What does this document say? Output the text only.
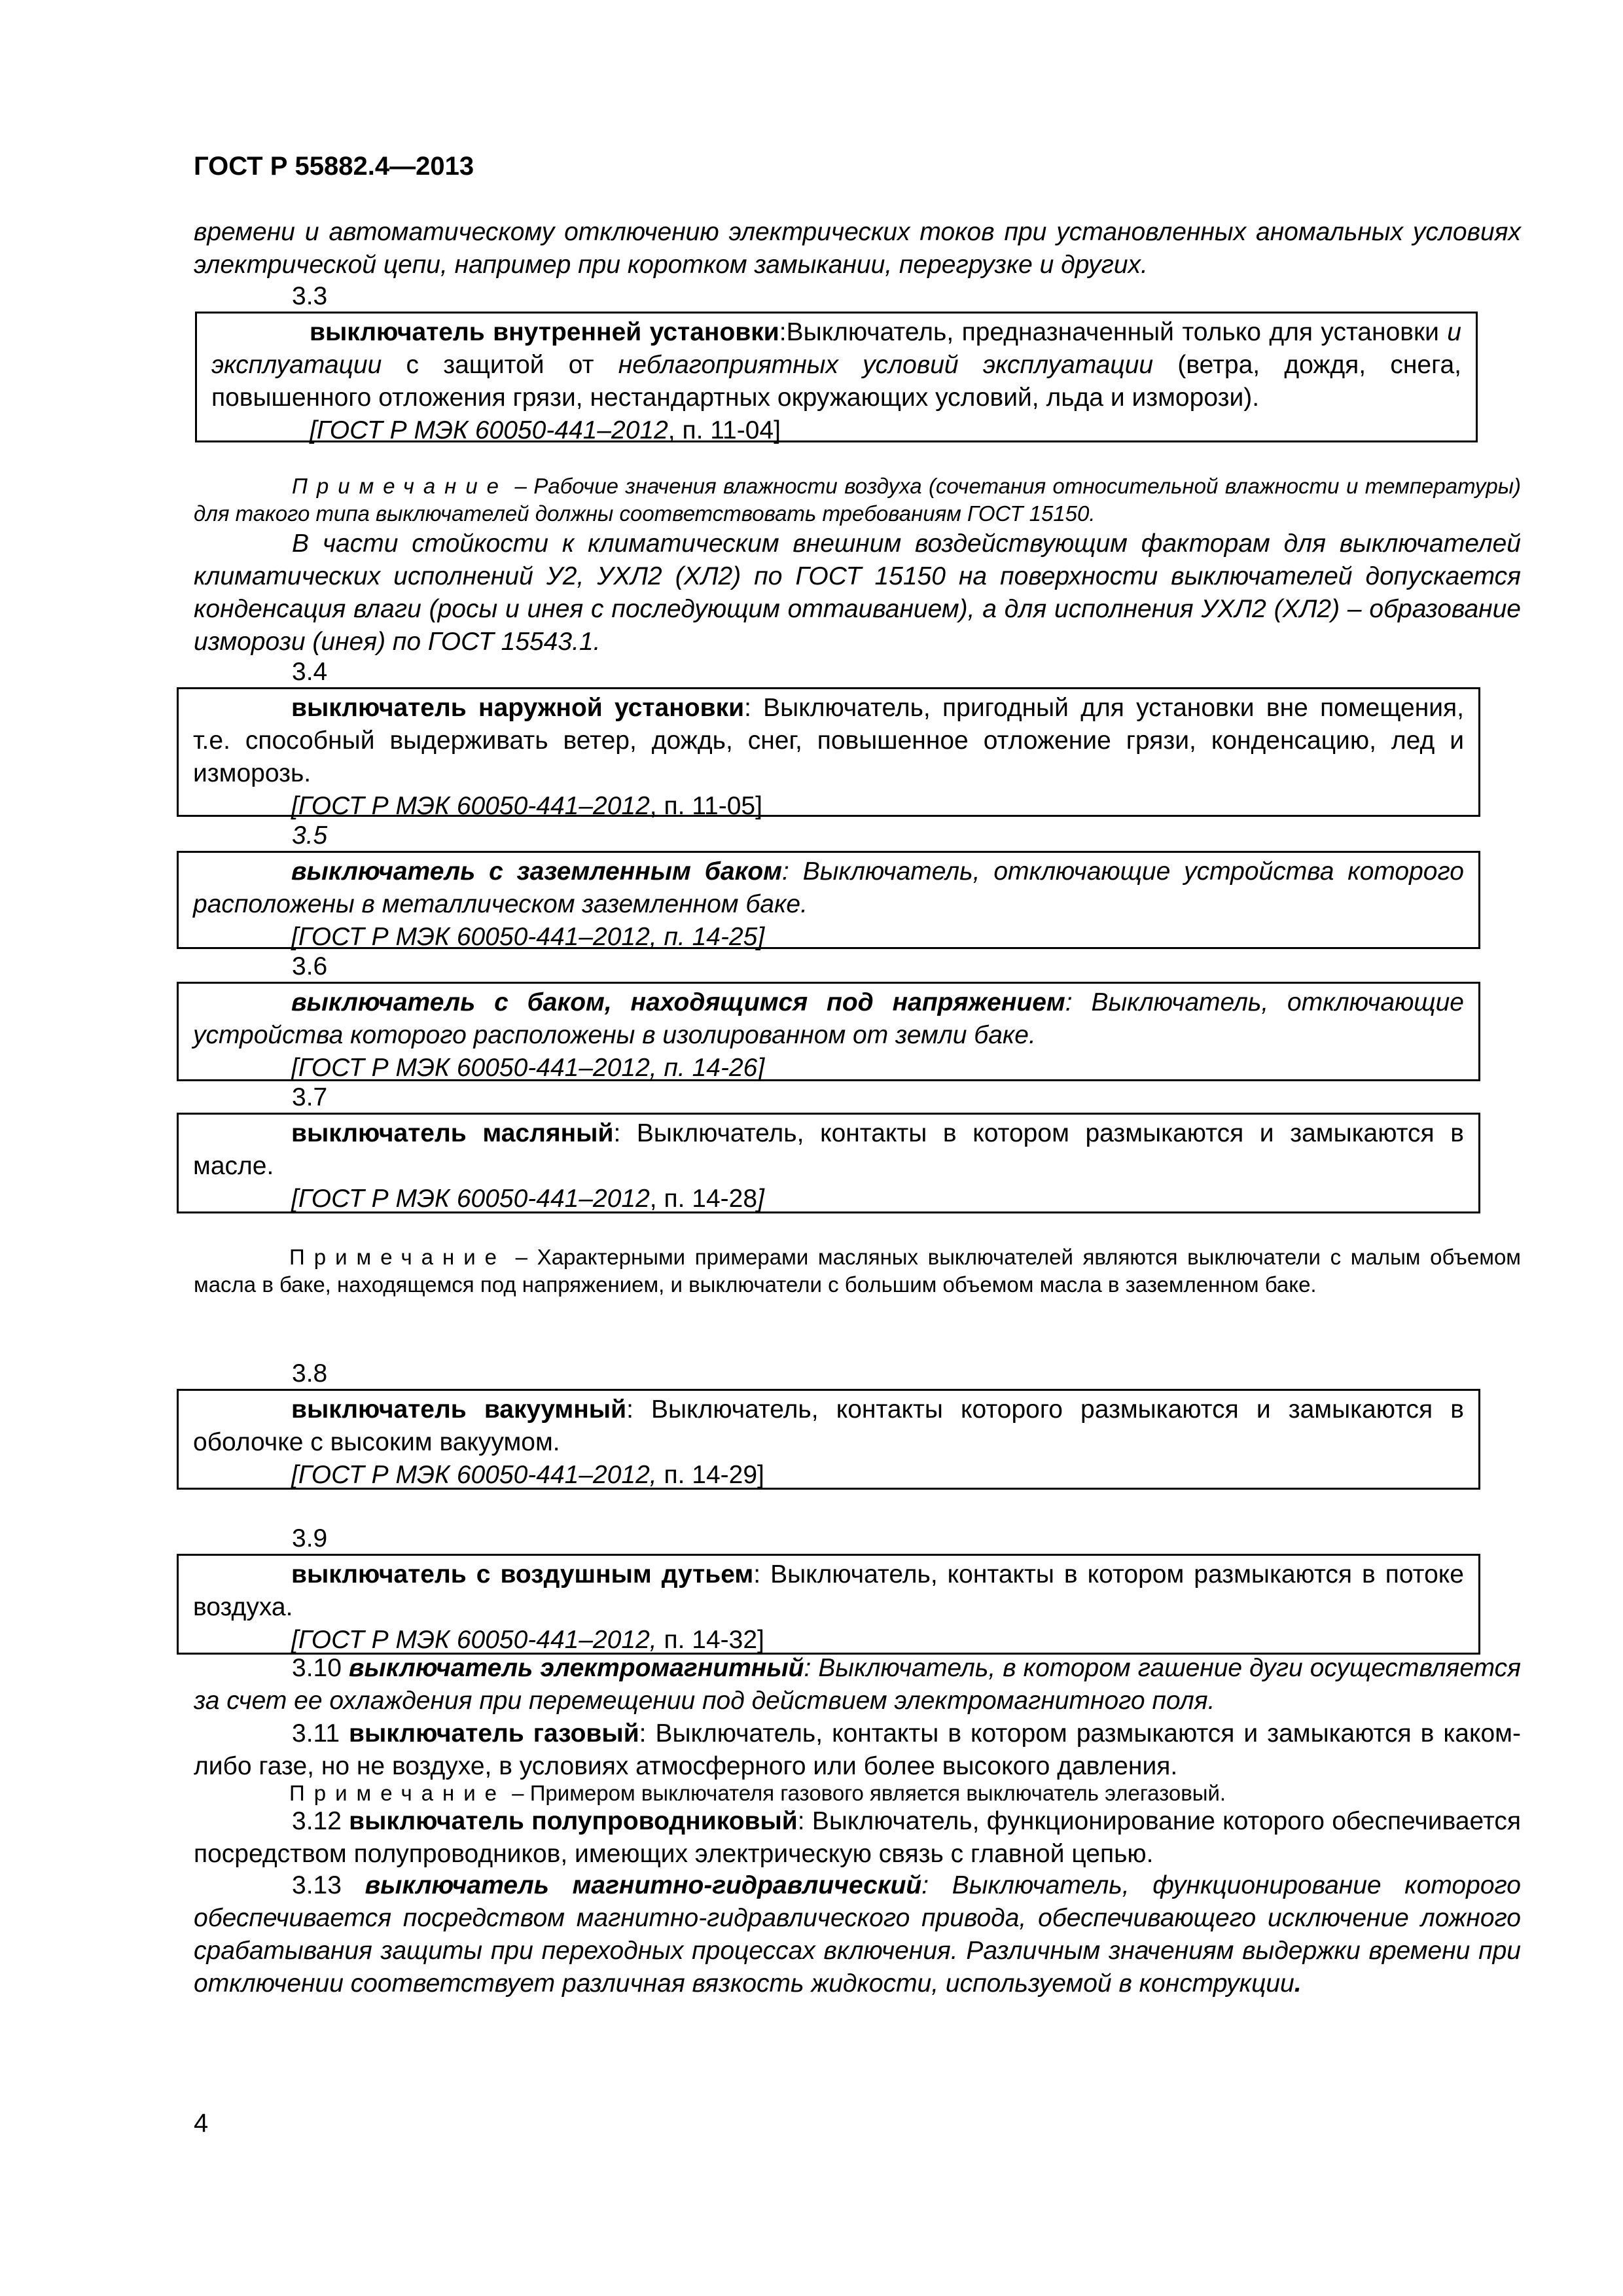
ГОСТ Р 55882.4—2013
времени и автоматическому отключению электрических токов при установленных аномальных условиях электрической цепи, например при коротком замыкании, перегрузке и других.
3.3
выключатель внутренней установки:Выключатель, предназначенный только для установки и эксплуатации с защитой от неблагоприятных условий эксплуатации (ветра, дождя, снега, повышенного отложения грязи, нестандартных окружающих условий, льда и изморози).
[ГОСТ Р МЭК 60050-441–2012, п. 11-04]
Примечание – Рабочие значения влажности воздуха (сочетания относительной влажности и температуры) для такого типа выключателей должны соответствовать требованиям ГОСТ 15150.
В части стойкости к климатическим внешним воздействующим факторам для выключателей климатических исполнений У2, УХЛ2 (ХЛ2) по ГОСТ 15150 на поверхности выключателей допускается конденсация влаги (росы и инея с последующим оттаиванием), а для исполнения УХЛ2 (ХЛ2) – образование изморози (инея) по ГОСТ 15543.1.
3.4
выключатель наружной установки: Выключатель, пригодный для установки вне помещения, т.е. способный выдерживать ветер, дождь, снег, повышенное отложение грязи, конденсацию, лед и изморозь.
[ГОСТ Р МЭК 60050-441–2012, п. 11-05]
3.5
выключатель с заземленным баком: Выключатель, отключающие устройства которого расположены в металлическом заземленном баке.
[ГОСТ Р МЭК 60050-441–2012, п. 14-25]
3.6
выключатель с баком, находящимся под напряжением: Выключатель, отключающие устройства которого расположены в изолированном от земли баке.
[ГОСТ Р МЭК 60050-441–2012, п. 14-26]
3.7
выключатель масляный: Выключатель, контакты в котором размыкаются и замыкаются в масле.
[ГОСТ Р МЭК 60050-441–2012, п. 14-28]
Примечание – Характерными примерами масляных выключателей являются выключатели с малым объемом масла в баке, находящемся под напряжением, и выключатели с большим объемом масла в заземленном баке.
3.8
выключатель вакуумный: Выключатель, контакты которого размыкаются и замыкаются в оболочке с высоким вакуумом.
[ГОСТ Р МЭК 60050-441–2012, п. 14-29]
3.9
выключатель с воздушным дутьем: Выключатель, контакты в котором размыкаются в потоке воздуха.
[ГОСТ Р МЭК 60050-441–2012, п. 14-32]
3.10 выключатель электромагнитный: Выключатель, в котором гашение дуги осуществляется за счет ее охлаждения при перемещении под действием электромагнитного поля.
3.11 выключатель газовый: Выключатель, контакты в котором размыкаются и замыкаются в каком-либо газе, но не воздухе, в условиях атмосферного или более высокого давления.
Примечание – Примером выключателя газового является выключатель элегазовый.
3.12 выключатель полупроводниковый: Выключатель, функционирование которого обеспечивается посредством полупроводников, имеющих электрическую связь с главной цепью.
3.13 выключатель магнитно-гидравлический: Выключатель, функционирование которого обеспечивается посредством магнитно-гидравлического привода, обеспечивающего исключение ложного срабатывания защиты при переходных процессах включения. Различным значениям выдержки времени при отключении соответствует различная вязкость жидкости, используемой в конструкции.
4
